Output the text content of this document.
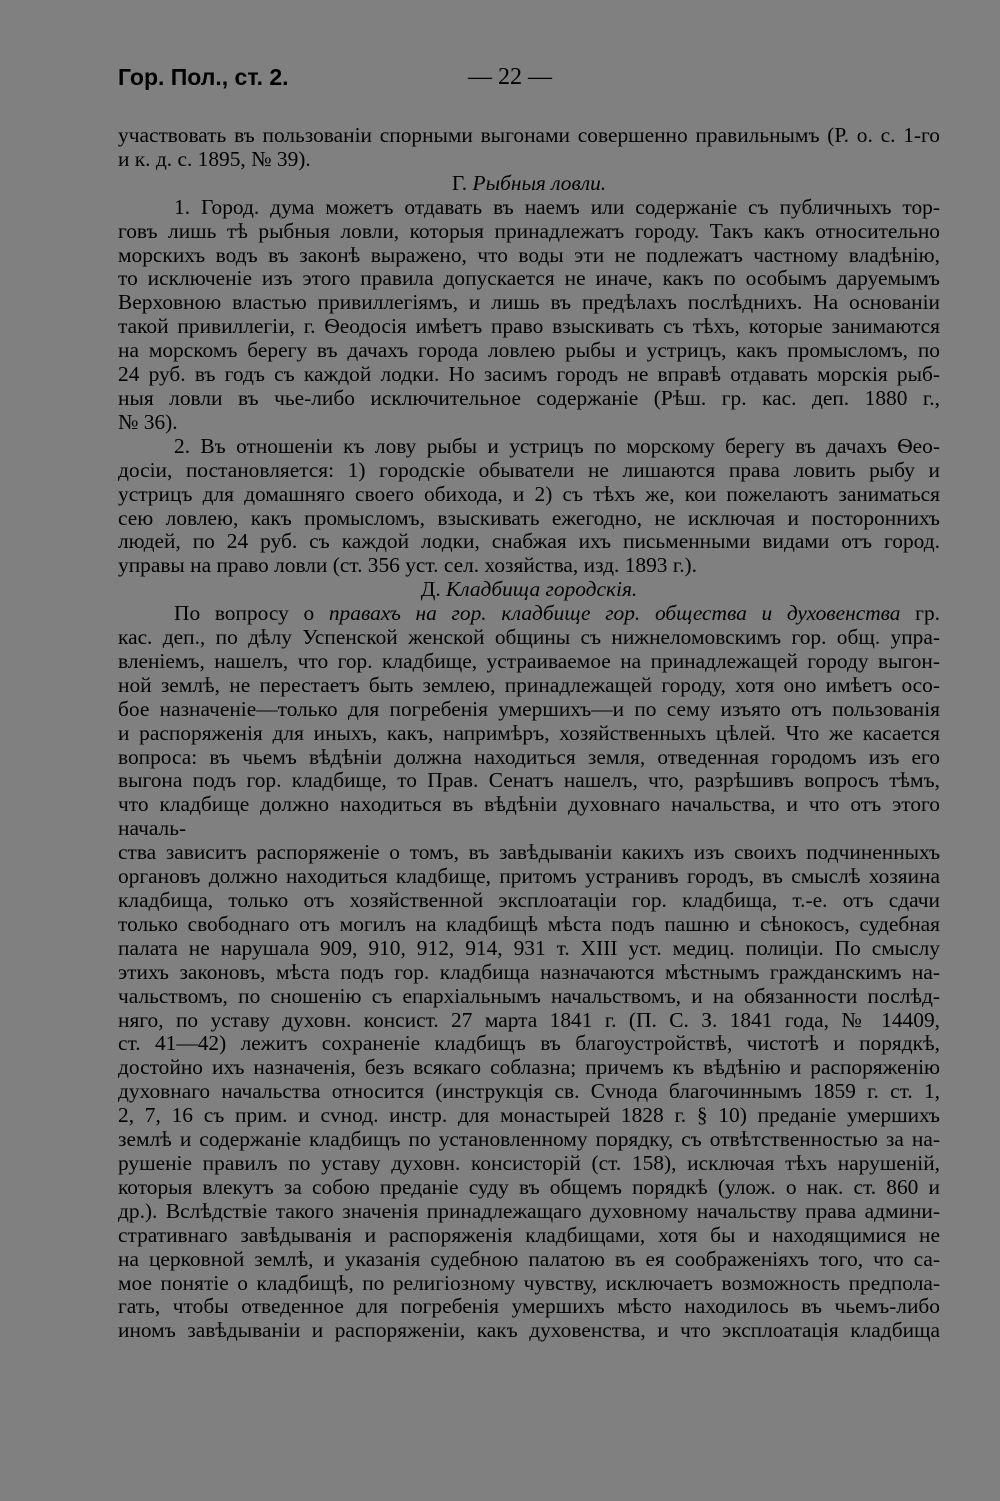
Гор. Пол., ст. 2.	— 22 —

участвовать въ пользованіи спорными выгонами совершенно правильнымъ (Р. о. с. 1-го

и к. д. с. 1895, № 39).

Г. Рыбныя ловли.

1. Город. дума можетъ отдавать въ наемъ или содержаніе съ публичныхъ тор-

говъ лишь тѣ рыбныя ловли, которыя принадлежатъ городу. Такъ какъ относительно

морскихъ водъ въ законѣ выражено, что воды эти не подлежатъ частному владѣнію,

то исключеніе изъ этого правила допускается не иначе, какъ по особымъ даруемымъ

Верховною властью привиллегіямъ, и лишь въ предѣлахъ послѣднихъ. На основаніи

такой привиллегіи, г. Ѳеодосія имѣетъ право взыскивать съ тѣхъ, которые занимаются

на морскомъ берегу въ дачахъ города ловлею рыбы и устрицъ, какъ промысломъ, по

24 руб. въ годъ съ каждой лодки. Но засимъ городъ не вправѣ отдавать морскія рыб-

ныя ловли въ чье-либо исключительное содержаніе (Рѣш. гр. кас. деп. 1880 г.,

№ 36).

2. Въ отношеніи къ лову рыбы и устрицъ по морскому берегу въ дачахъ Ѳео-

досіи, постановляется: 1) городскіе обыватели не лишаются права ловить рыбу и

устрицъ для домашняго своего обихода, и 2) съ тѣхъ же, кои пожелаютъ заниматься

сею ловлею, какъ промысломъ, взыскивать ежегодно, не исключая и постороннихъ

людей, по 24 руб. съ каждой лодки, снабжая ихъ письменными видами отъ город.

управы на право ловли (ст. 356 уст. сел. хозяйства, изд. 1893 г.).

Д. Кладбища городскія.

По вопросу о правахъ на гор. кладбище гор. общества и духовенства гр.

кас. деп., по дѣлу Успенской женской общины съ нижнеломовскимъ гор. общ. упра-

вленіемъ, нашелъ, что гор. кладбище, устраиваемое на принадлежащей городу выгон-

ной землѣ, не перестаетъ быть землею, принадлежащей городу, хотя оно имѣетъ осо-

бое назначеніе—только для погребенія умершихъ—и по сему изъято отъ пользованія

и распоряженія для иныхъ, какъ, напримѣръ, хозяйственныхъ цѣлей. Что же касается

вопроса: въ чьемъ вѣдѣніи должна находиться земля, отведенная городомъ изъ его

выгона подъ гор. кладбище, то Прав. Сенатъ нашелъ, что, разрѣшивъ вопросъ тѣмъ,

что кладбище должно находиться въ вѣдѣніи духовнаго начальства, и что отъ этого началь-

ства зависитъ распоряженіе о томъ, въ завѣдываніи какихъ изъ своихъ подчиненныхъ

органовъ должно находиться кладбище, притомъ устранивъ городъ, въ смыслѣ хозяина

кладбища, только отъ хозяйственной эксплоатаціи гор. кладбища, т.-е. отъ сдачи

только свободнаго отъ могилъ на кладбищѣ мѣста подъ пашню и сѣнокосъ, судебная

палата не нарушала 909, 910, 912, 914, 931 т. XIII уст. медиц. полиціи. По смыслу

этихъ законовъ, мѣста подъ гор. кладбища назначаются мѣстнымъ гражданскимъ на-

чальствомъ, по сношенію съ епархіальнымъ начальствомъ, и на обязанности послѣд-

няго, по уставу духовн. консист. 27 марта 1841 г. (П. С. З. 1841 года, № 14409,

ст. 41—42) лежитъ сохраненіе кладбищъ въ благоустройствѣ, чистотѣ и порядкѣ,

достойно ихъ назначенія, безъ всякаго соблазна; причемъ къ вѣдѣнію и распоряженію

духовнаго начальства относится (инструкція св. Сvнода благочиннымъ 1859 г. ст. 1,

2, 7, 16 съ прим. и сvнод. инстр. для монастырей 1828 г. § 10) преданіе умершихъ

землѣ и содержаніе кладбищъ по установленному порядку, съ отвѣтственностью за на-

рушеніе правилъ по уставу духовн. консисторій (ст. 158), исключая тѣхъ нарушеній,

которыя влекутъ за собою преданіе суду въ общемъ порядкѣ (улож. о нак. ст. 860 и

др.). Вслѣдствіе такого значенія принадлежащаго духовному начальству права админи-

стративнаго завѣдыванія и распоряженія кладбищами, хотя бы и находящимися не

на церковной землѣ, и указанія судебною палатою въ ея соображеніяхъ того, что са-

мое понятіе о кладбищѣ, по религіозному чувству, исключаетъ возможность предпола-

гать, чтобы отведенное для погребенія умершихъ мѣсто находилось въ чьемъ-либо

иномъ завѣдываніи и распоряженіи, какъ духовенства, и что эксплоатація кладбища
